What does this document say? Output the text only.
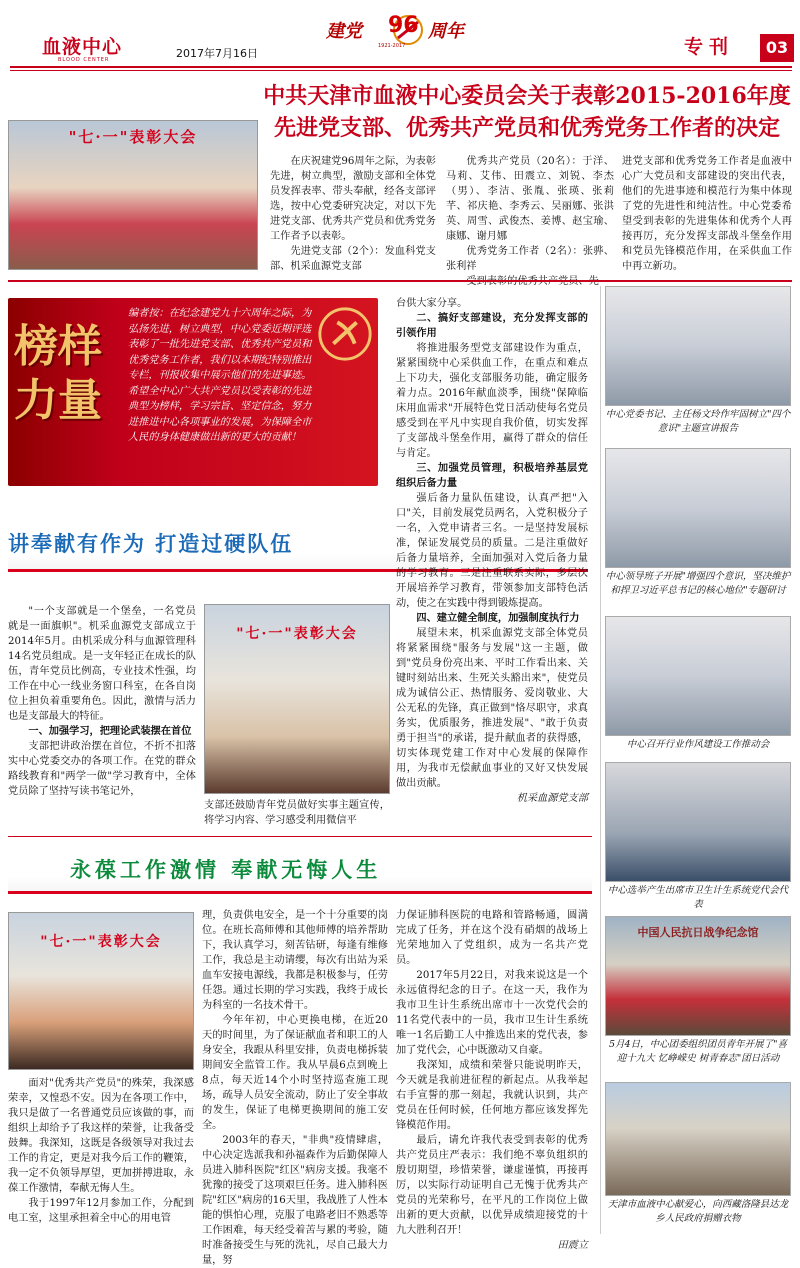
血液中心
BLOOD CENTER	2017年7月16日
建党 96 周年
1921-2017	专刊	03
中共天津市血液中心委员会关于表彰2015-2016年度
先进党支部、优秀共产党员和优秀党务工作者的决定
"七·一"表彰大会

在庆祝建党96周年之际，为表彰先进，树立典型，激励支部和全体党员发挥表率、带头奉献，经各支部评选，按中心党委研究决定，对以下先进党支部、优秀共产党员和优秀党务工作者予以表彰。

先进党支部（2个）：发血科党支部、机采血源党支部

优秀共产党员（20名）：于洋、马莉、艾伟、田震立、刘锐、李杰（男）、李洁、张胤、张瑛、张莉芊、祁庆艳、李秀云、吴丽娜、张洪英、周雪、武俊杰、姜博、赵宝瑜、康娜、谢月娜

优秀党务工作者（2名）：张骅、张利祥

进党支部和优秀党务工作者是血液中心广大党员和支部建设的突出代表，他们的先进事迹和模范行为集中体现了党的先进性和纯洁性。中心党委希望受到表彰的先进集体和优秀个人再接再厉，充分发挥支部战斗堡垒作用和党员先锋模范作用，在采供血工作中再立新功。

榜样力量
编者按：在纪念建党九十六周年之际，为弘扬先进，树立典型，中心党委近期评选表彰了一批先进党支部、优秀共产党员和优秀党务工作者，我们以本期纪特别推出专栏，刊报收集中展示他们的先进事迹。希望全中心广大共产党员以受表彰的先进典型为榜样，学习宗旨、坚定信念，努力进推进中心各项事业的发展，为保障全市人民的身体健康做出新的更大的贡献！
讲奉献有作为 打造过硬队伍

"一个支部就是一个堡垒，一名党员就是一面旗帜"。机采血源党支部成立于2014年5月。由机采成分科与血源管理科14名党员组成。是一支年轻正在成长的队伍，青年党员比例高，专业技术性强，均工作在中心一线业务窗口科室，在各自岗位上担负着重要角色。因此，激情与活力也是支部最大的特征。

一、加强学习，把理论武装摆在首位

支部把讲政治摆在首位，不折不扣落实中心党委交办的各项工作。在党的群众路线教育和"两学一做"学习教育中，全体党员除了坚持写读书笔记外，

"七·一"表彰大会

支部还鼓励青年党员做好实事主题宣传，将学习内容、学习感受利用微信平

台供大家分享。

二、搞好支部建设，充分发挥支部的引领作用

将推进服务型党支部建设作为重点，紧紧围绕中心采供血工作，在重点和难点上下功夫，强化支部服务功能，确定服务着力点。2016年献血淡季，围绕"保障临床用血需求"开展特色党日活动使每名党员感受到在平凡中实现自我价值，切实发挥了支部战斗堡垒作用，赢得了群众的信任与肯定。

三、加强党员管理，积极培养基层党组织后备力量

强后备力量队伍建设，认真严把"入口"关，目前发展党员两名，入党积极分子一名，入党申请者三名。一是坚持发展标准，保证发展党员的质量。二是注重做好后备力量培养，全面加强对入党后备力量的学习教育。三是注重联系实际，多层次开展培养学习教育，带领参加支部特色活动，使之在实践中得到锻炼提高。

四、建立健全制度，加强制度执行力

展望未来，机采血源党支部全体党员将紧紧围绕"服务与发展"这一主题，做到"党员身份亮出来、平时工作看出来、关键时刻站出来、生死关头豁出来"，使党员成为诚信公正、热情服务、爱岗敬业、大公无私的先锋，真正做到"恪尽职守，求真务实，优质服务，推进发展"、"敢于负责勇于担当"的承诺，提升献血者的获得感，切实体现党建工作对中心发展的保障作用，为我市无偿献血事业的又好又快发展做出贡献。

机采血源党支部

永葆工作激情 奉献无悔人生
"七·一"表彰大会

面对"优秀共产党员"的殊荣，我深感荣幸，又惶恐不安。因为在各项工作中，我只是做了一名普通党员应该做的事，而组织上却给予了我这样的荣誉，让我备受鼓舞。我深知，这既是各级领导对我过去工作的肯定，更是对我今后工作的鞭策，我一定不负领导厚望，更加拼搏进取，永葆工作激情，奉献无悔人生。

我于1997年12月参加工作，分配到电工室，这里承担着全中心的用电管

理，负责供电安全，是一个十分重要的岗位。在班长高师傅和其他师傅的培养帮助下，我认真学习，刻苦钻研，每逢有维修工作，我总是主动请缨，每次有出站为采血车安接电源线，我都是积极参与，任劳任怨。通过长期的学习实践，我终于成长为科室的一名技术骨干。

今年年初，中心更换电梯，在近20天的时间里，为了保证献血者和职工的人身安全，我跟从科里安排，负责电梯拆装期间安全监管工作。我从早晨6点到晚上8点，每天近14个小时坚持巡查施工现场，疏导人员安全流动，防止了安全事故的发生，保证了电梯更换期间的施工安全。

2003年的春天，"非典"疫情肆虐，中心决定选派我和孙福森作为后勤保障人员进入肺科医院"红区"病房支援。我毫不犹豫的接受了这项艰巨任务。进入肺科医院"红区"病房的16天里，我战胜了人性本能的惧怕心理，克服了电路老旧不熟悉等工作困难，每天经受着苦与累的考验，随时准备接受生与死的洗礼，尽自己最大力量，努

力保证肺科医院的电路和管路畅通，圆满完成了任务，并在这个没有硝烟的战场上光荣地加入了党组织，成为一名共产党员。

2017年5月22日，对我来说这是一个永远值得纪念的日子。在这一天，我作为我市卫生计生系统出席市十一次党代会的11名党代表中的一员，我市卫生计生系统唯一1名后勤工人中推选出来的党代表，参加了党代会，心中既激动又自豪。

我深知，成绩和荣誉只能说明昨天，今天就是我前进征程的新起点。从我举起右手宣誓的那一刻起，我就认识到，共产党员在任何时候，任何地方都应该发挥先锋模范作用。

最后，请允许我代表受到表彰的优秀共产党员庄严表示：我们绝不辜负组织的殷切期望，珍惜荣誉，谦虚谨慎，再接再厉，以实际行动证明自己无愧于优秀共产党员的光荣称号，在平凡的工作岗位上做出新的更大贡献，以优异成绩迎接党的十九大胜利召开！

田震立

中心党委书记、主任杨文玲作牢固树立"四个意识"主题宣讲报告
中心领导班子开展"增强四个意识，坚决维护和捍卫习近平总书记的核心地位"专题研讨
中心召开行业作风建设工作推动会
中心选举产生出席市卫生计生系统党代会代表
中国人民抗日战争纪念馆
5月4日，中心团委组织团员青年开展了"喜迎十九大 忆峥嵘史 树青春志"团日活动
天津市血液中心献爱心，向西藏洛隆县达龙乡人民政府捐赠衣物
